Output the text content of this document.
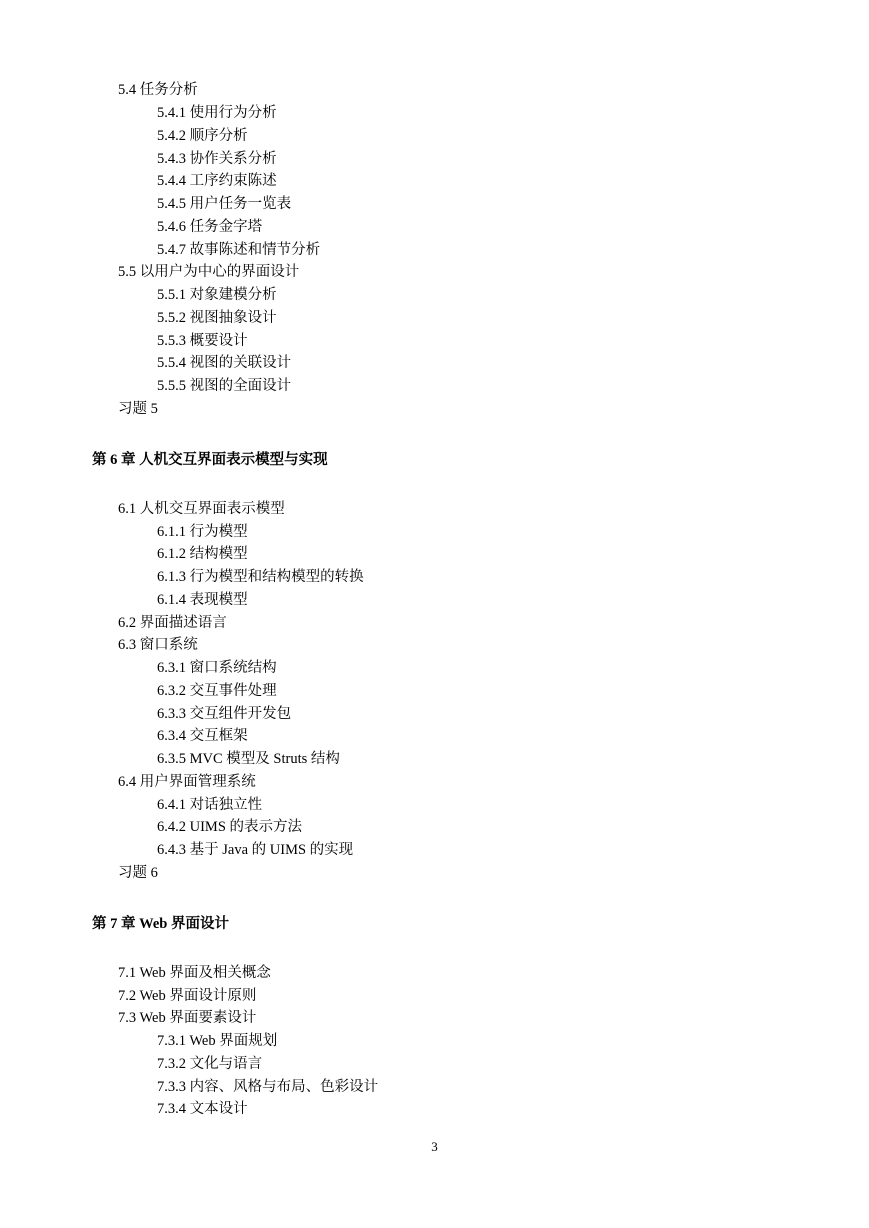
5.4 任务分析
5.4.1 使用行为分析
5.4.2 顺序分析
5.4.3 协作关系分析
5.4.4 工序约束陈述
5.4.5 用户任务一览表
5.4.6 任务金字塔
5.4.7 故事陈述和情节分析
5.5 以用户为中心的界面设计
5.5.1 对象建模分析
5.5.2 视图抽象设计
5.5.3 概要设计
5.5.4 视图的关联设计
5.5.5 视图的全面设计
习题 5
第 6 章 人机交互界面表示模型与实现
6.1 人机交互界面表示模型
6.1.1 行为模型
6.1.2 结构模型
6.1.3 行为模型和结构模型的转换
6.1.4 表现模型
6.2 界面描述语言
6.3 窗口系统
6.3.1 窗口系统结构
6.3.2 交互事件处理
6.3.3 交互组件开发包
6.3.4 交互框架
6.3.5 MVC 模型及 Struts 结构
6.4 用户界面管理系统
6.4.1 对话独立性
6.4.2 UIMS 的表示方法
6.4.3 基于 Java 的 UIMS 的实现
习题 6
第 7 章 Web 界面设计
7.1 Web 界面及相关概念
7.2 Web 界面设计原则
7.3 Web 界面要素设计
7.3.1 Web 界面规划
7.3.2 文化与语言
7.3.3 内容、风格与布局、色彩设计
7.3.4 文本设计
3
